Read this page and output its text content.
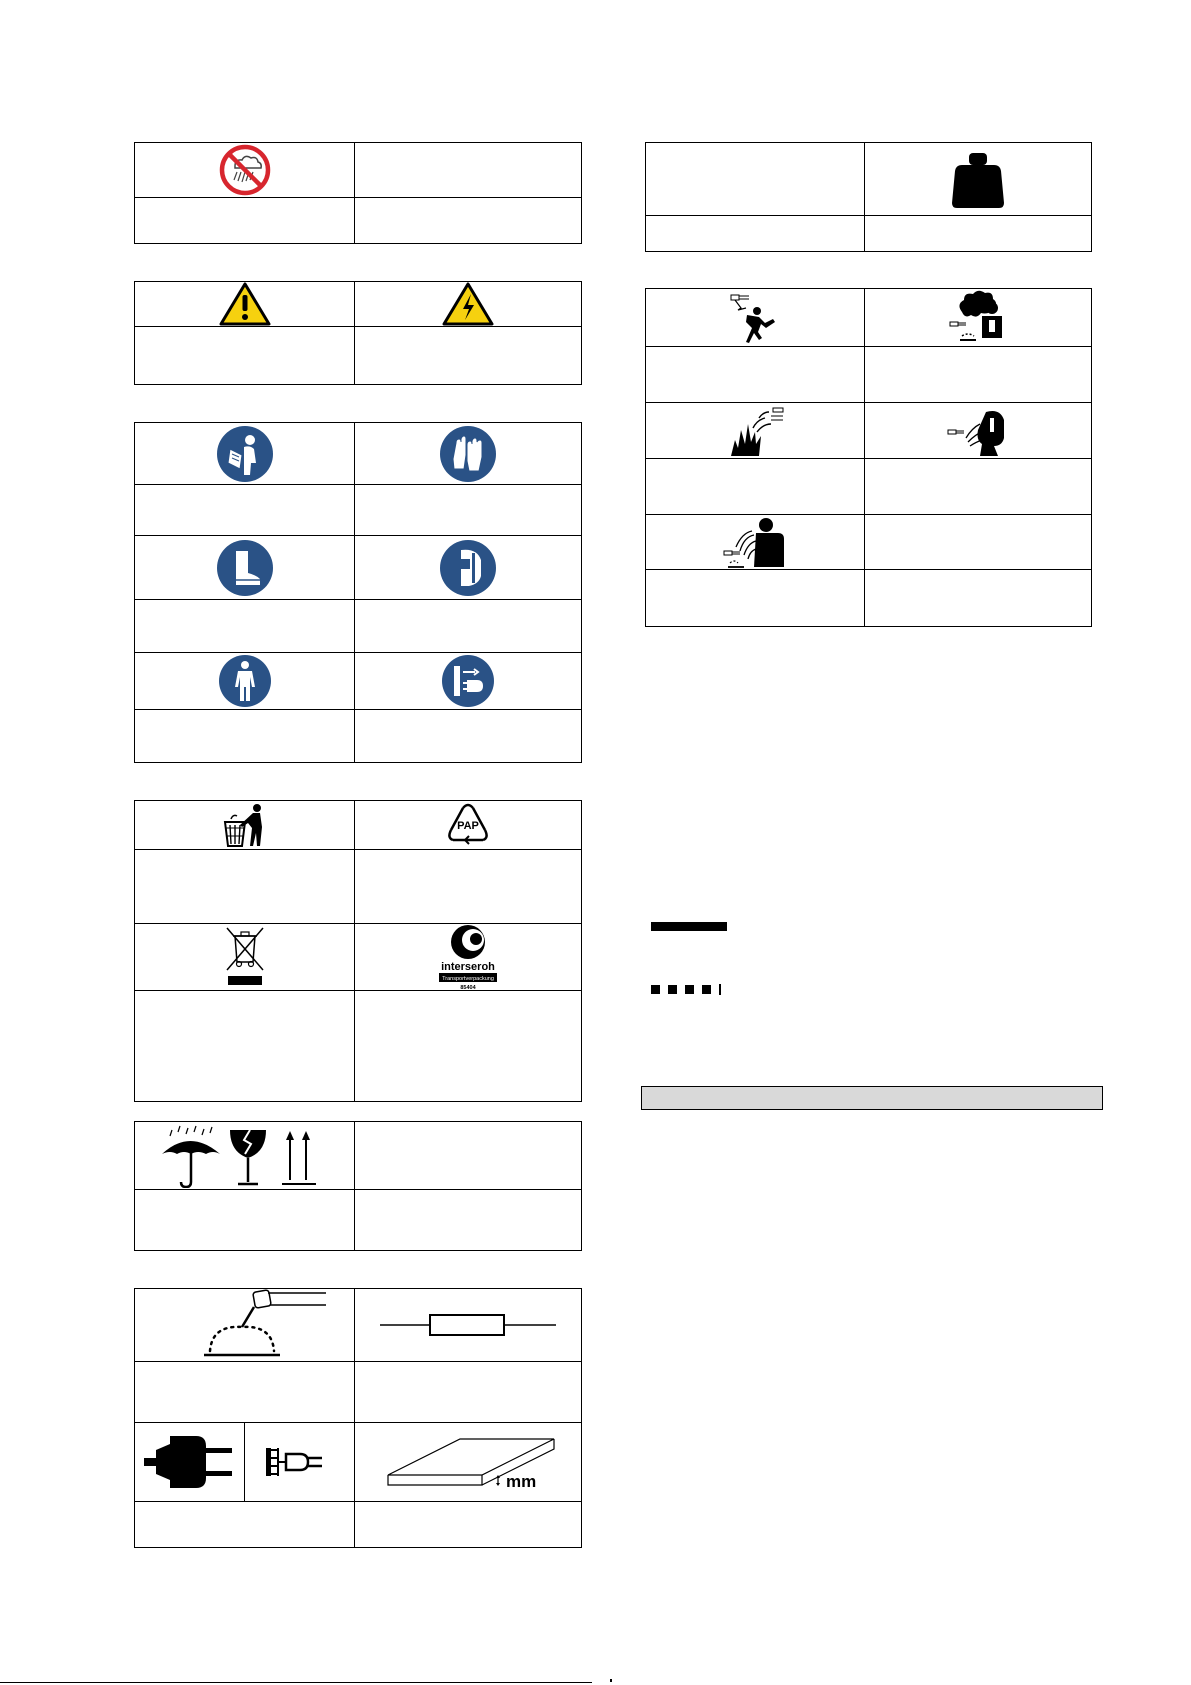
PAP
interseroh
Transportverpackung
85404
mm
